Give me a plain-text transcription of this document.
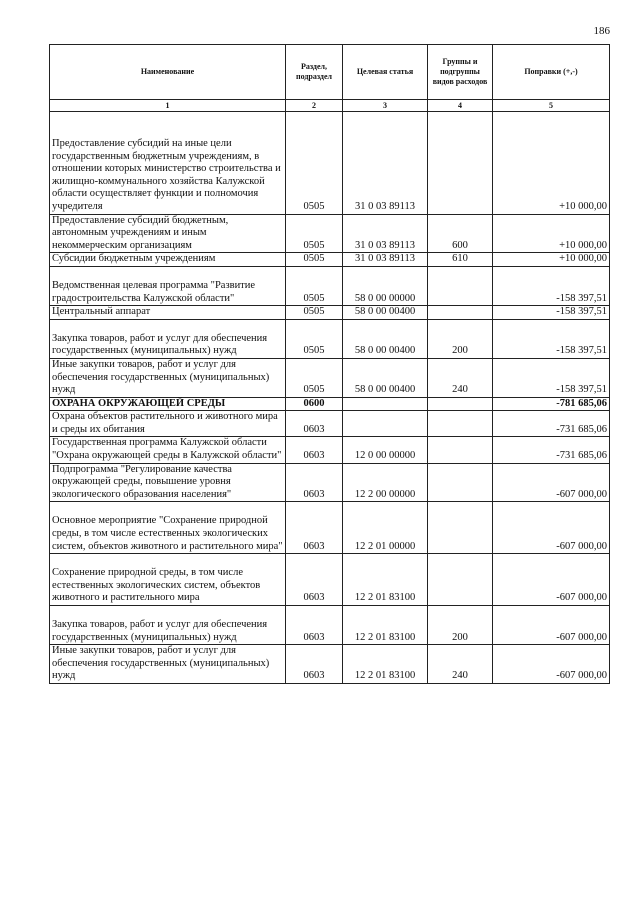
186
Наименование	Раздел, подраздел	Целевая статья	Группы и подгруппы видов расходов	Поправки (+,-)
1	2	3	4	5

Предоставление субсидий на иные цели государственным бюджетным учреждениям, в отношении которых министерство строительства и жилищно-коммунального хозяйства Калужской области осуществляет функции и полномочия учредителя	0505	31 0 03 89113		+10 000,00
Предоставление субсидий бюджетным, автономным учреждениям и иным некоммерческим организациям	0505	31 0 03 89113	600	+10 000,00
Субсидии бюджетным учреждениям	0505	31 0 03 89113	610	+10 000,00

Ведомственная целевая программа "Развитие градостроительства Калужской области"	0505	58 0 00 00000		-158 397,51
Центральный аппарат	0505	58 0 00 00400		-158 397,51

Закупка товаров, работ и услуг для обеспечения государственных (муниципальных) нужд	0505	58 0 00 00400	200	-158 397,51
Иные закупки товаров, работ и услуг для обеспечения государственных (муниципальных) нужд	0505	58 0 00 00400	240	-158 397,51
ОХРАНА ОКРУЖАЮЩЕЙ СРЕДЫ	0600			-781 685,06
Охрана объектов растительного и животного мира и среды их обитания	0603			-731 685,06
Государственная программа Калужской области "Охрана окружающей среды в Калужской области"	0603	12 0 00 00000		-731 685,06
Подпрограмма "Регулирование качества окружающей среды, повышение уровня экологического образования населения"	0603	12 2 00 00000		-607 000,00

Основное мероприятие "Сохранение природной среды, в том числе естественных экологических систем, объектов животного и растительного мира"	0603	12 2 01 00000		-607 000,00

Сохранение природной среды, в том числе естественных экологических систем, объектов животного и растительного мира	0603	12 2 01 83100		-607 000,00

Закупка товаров, работ и услуг для обеспечения государственных (муниципальных) нужд	0603	12 2 01 83100	200	-607 000,00
Иные закупки товаров, работ и услуг для обеспечения государственных (муниципальных) нужд	0603	12 2 01 83100	240	-607 000,00
